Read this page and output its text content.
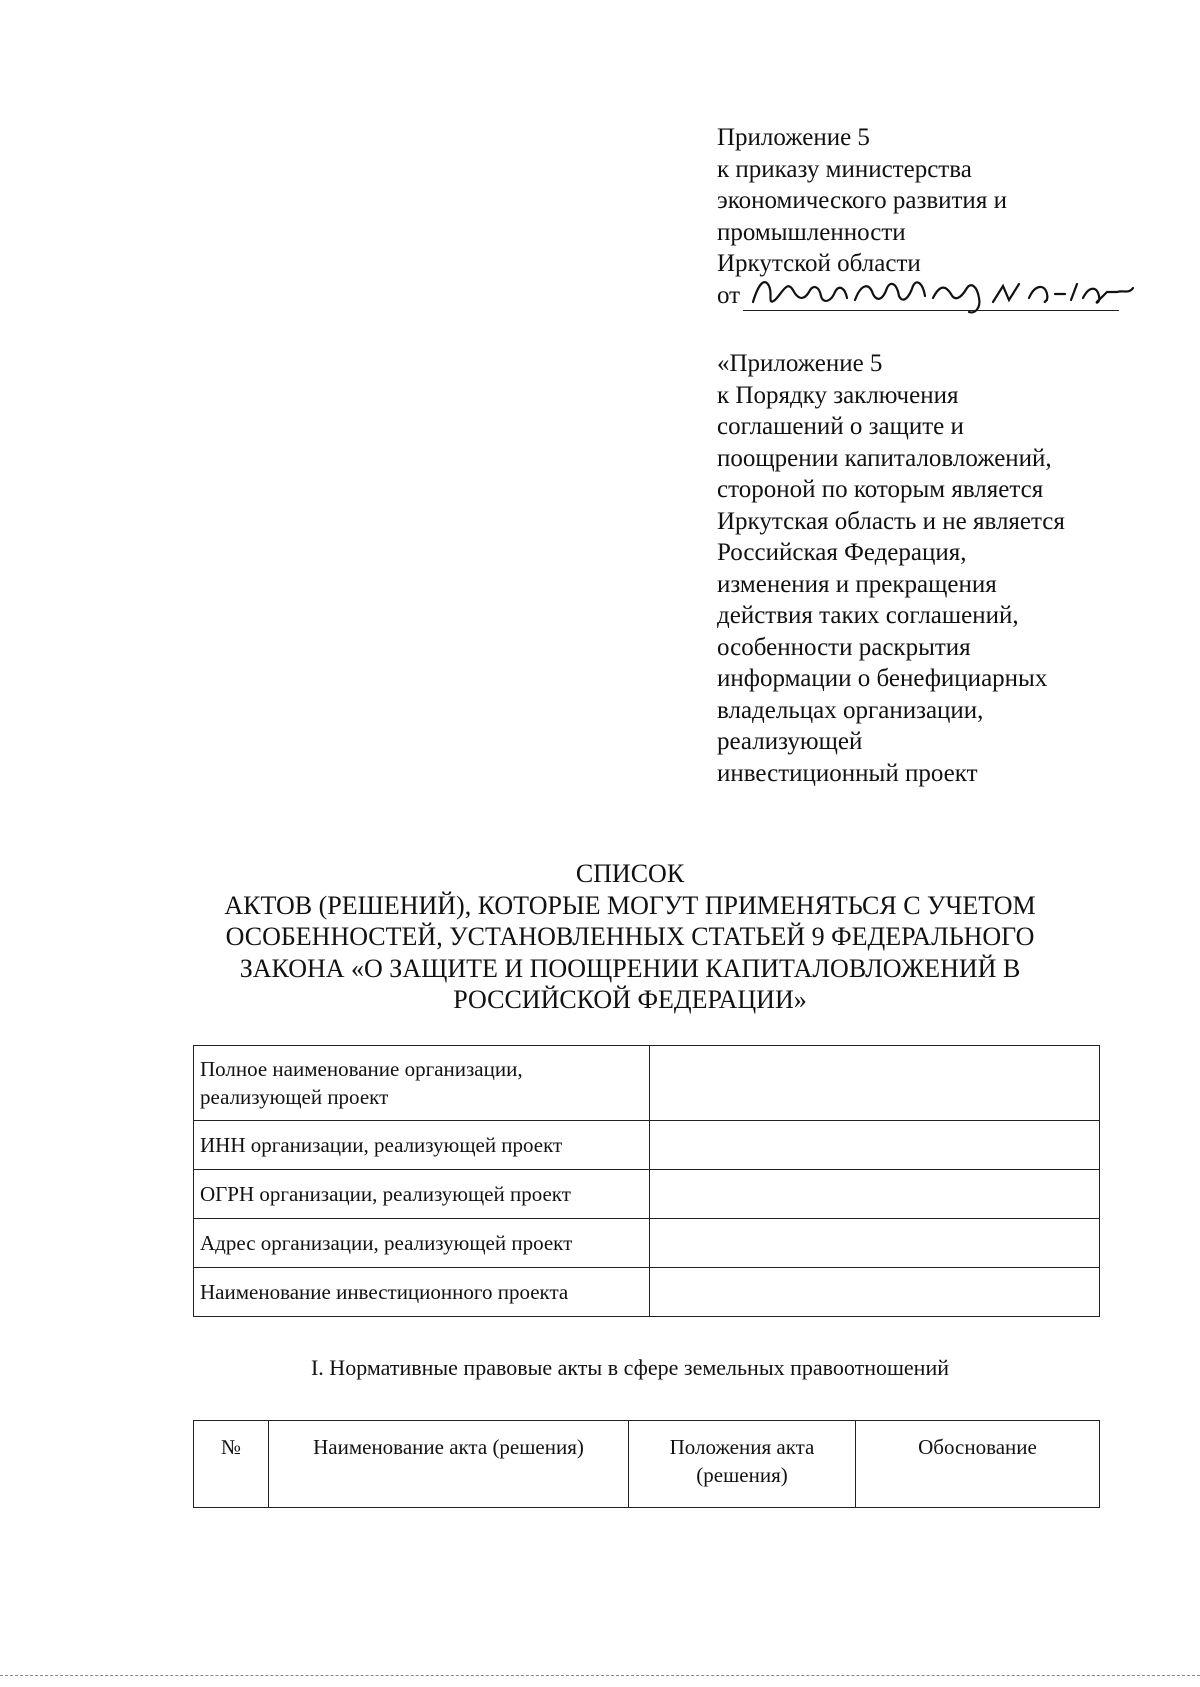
Приложение 5
к приказу министерства
экономического развития и
промышленности
Иркутской области
от
«Приложение 5
к Порядку заключения
соглашений о защите и
поощрении капиталовложений,
стороной по которым является
Иркутская область и не является
Российская Федерация,
изменения и прекращения
действия таких соглашений,
особенности раскрытия
информации о бенефициарных
владельцах организации,
реализующей
инвестиционный проект
СПИСОК
АКТОВ (РЕШЕНИЙ), КОТОРЫЕ МОГУТ ПРИМЕНЯТЬСЯ С УЧЕТОМ
ОСОБЕННОСТЕЙ, УСТАНОВЛЕННЫХ СТАТЬЕЙ 9 ФЕДЕРАЛЬНОГО
ЗАКОНА «О ЗАЩИТЕ И ПООЩРЕНИИ КАПИТАЛОВЛОЖЕНИЙ В
РОССИЙСКОЙ ФЕДЕРАЦИИ»
Полное наименование организации, реализующей проект	
ИНН организации, реализующей проект	
ОГРН организации, реализующей проект	
Адрес организации, реализующей проект	
Наименование инвестиционного проекта	
I. Нормативные правовые акты в сфере земельных правоотношений
№	Наименование акта (решения)	Положения акта (решения)	Обоснование
